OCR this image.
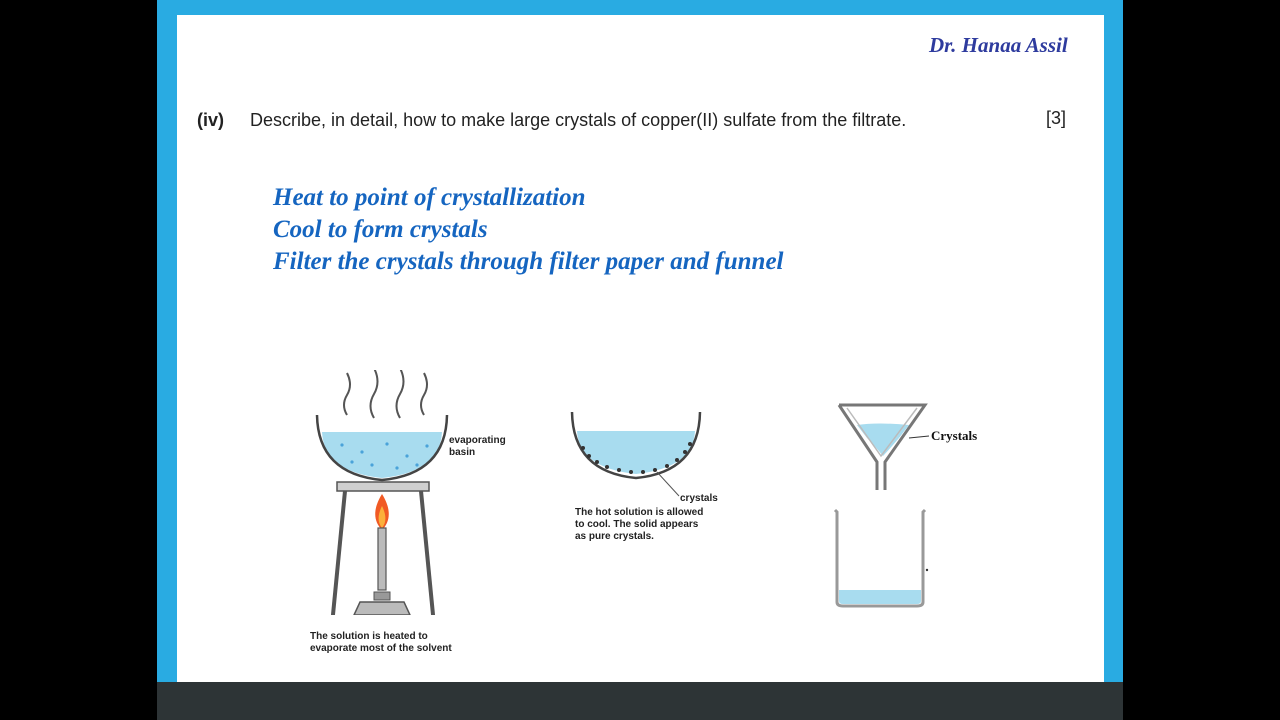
Dr. Hanaa Assil
(iv) Describe, in detail, how to make large crystals of copper(II) sulfate from the filtrate.	[3]
Heat to point of crystallization
Cool to form crystals
Filter the crystals through filter paper and funnel
evaporating basin
The solution is heated to
evaporate most of the solvent
crystals
The hot solution is allowed
to cool. The solid appears
as pure crystals.
Crystals
